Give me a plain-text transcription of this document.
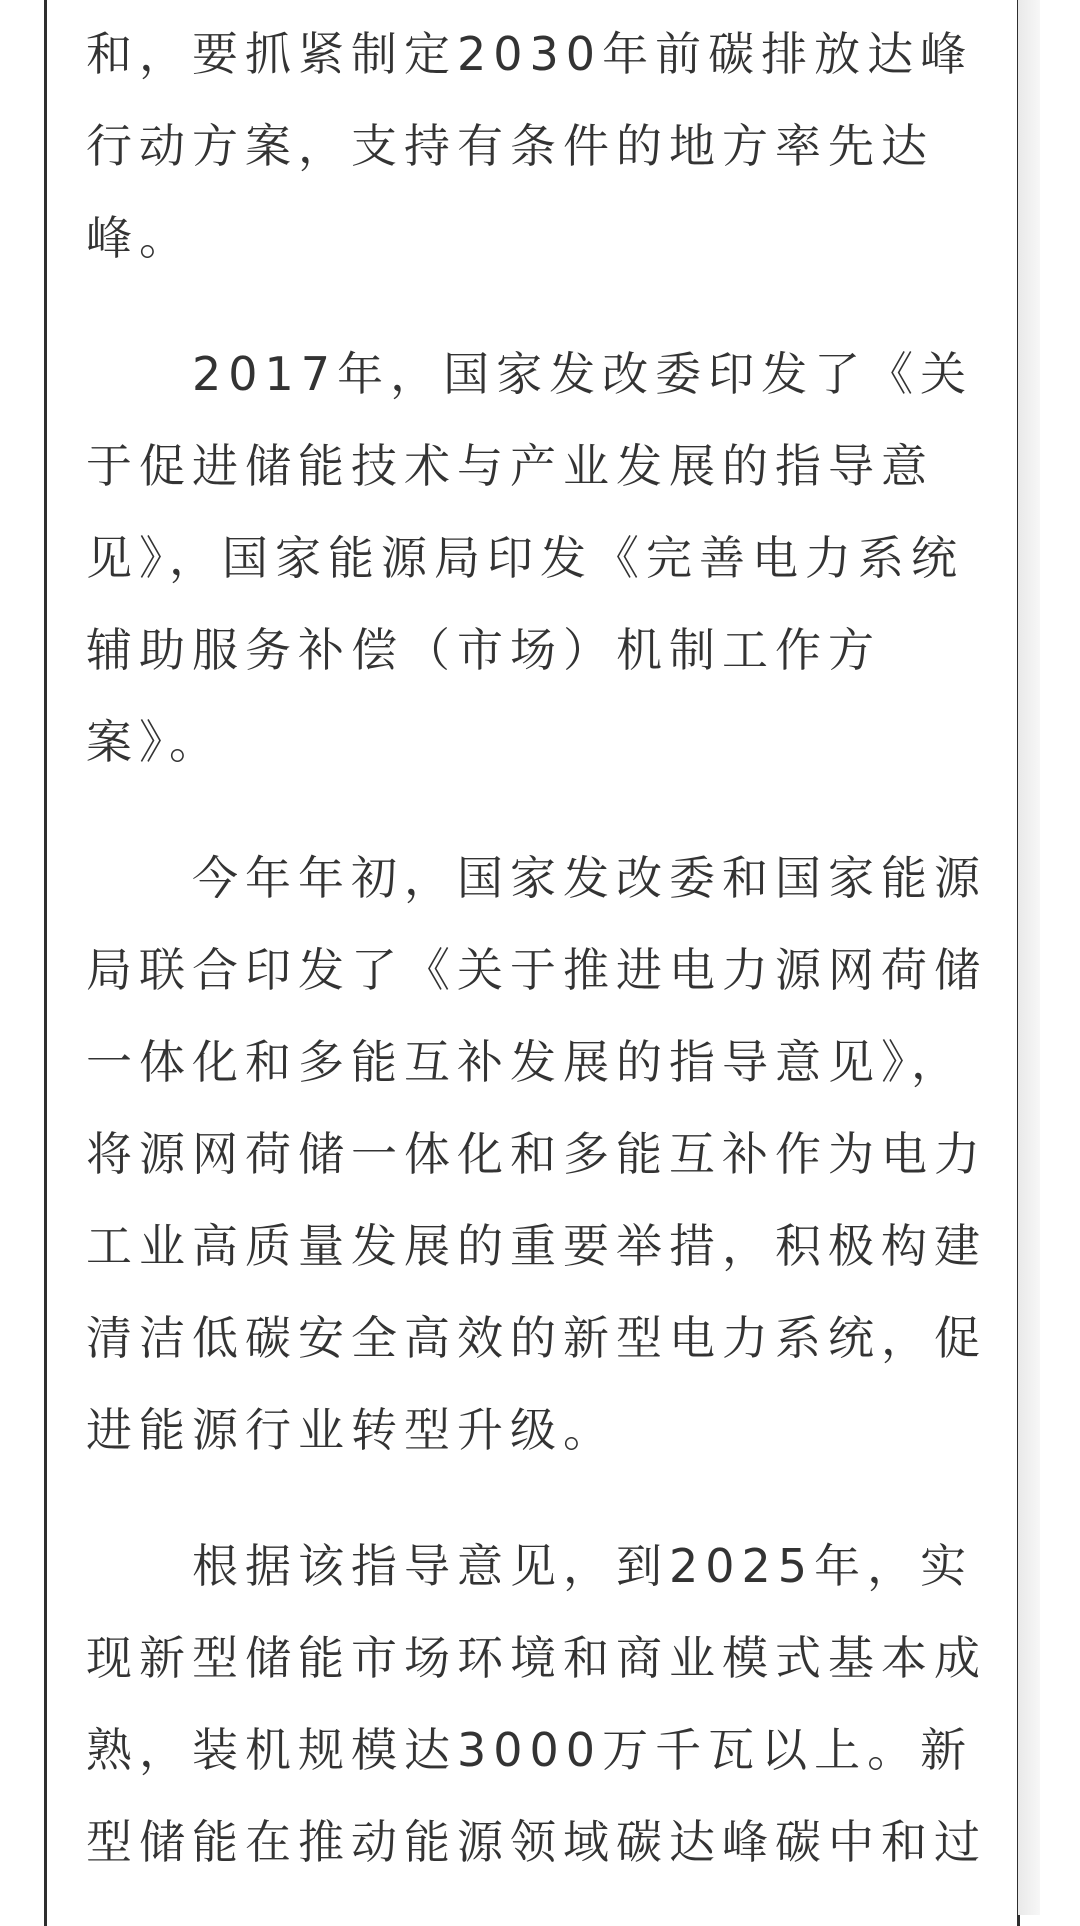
和，要抓紧制定2030年前碳排放达峰
行动方案，支持有条件的地方率先达
峰。
　　2017年，国家发改委印发了《关
于促进储能技术与产业发展的指导意
见》，国家能源局印发《完善电力系统
辅助服务补偿（市场）机制工作方
案》。
　　今年年初，国家发改委和国家能源
局联合印发了《关于推进电力源网荷储
一体化和多能互补发展的指导意见》，
将源网荷储一体化和多能互补作为电力
工业高质量发展的重要举措，积极构建
清洁低碳安全高效的新型电力系统，促
进能源行业转型升级。
　　根据该指导意见，到2025年，实
现新型储能市场环境和商业模式基本成
熟，装机规模达3000万千瓦以上。新
型储能在推动能源领域碳达峰碳中和过
